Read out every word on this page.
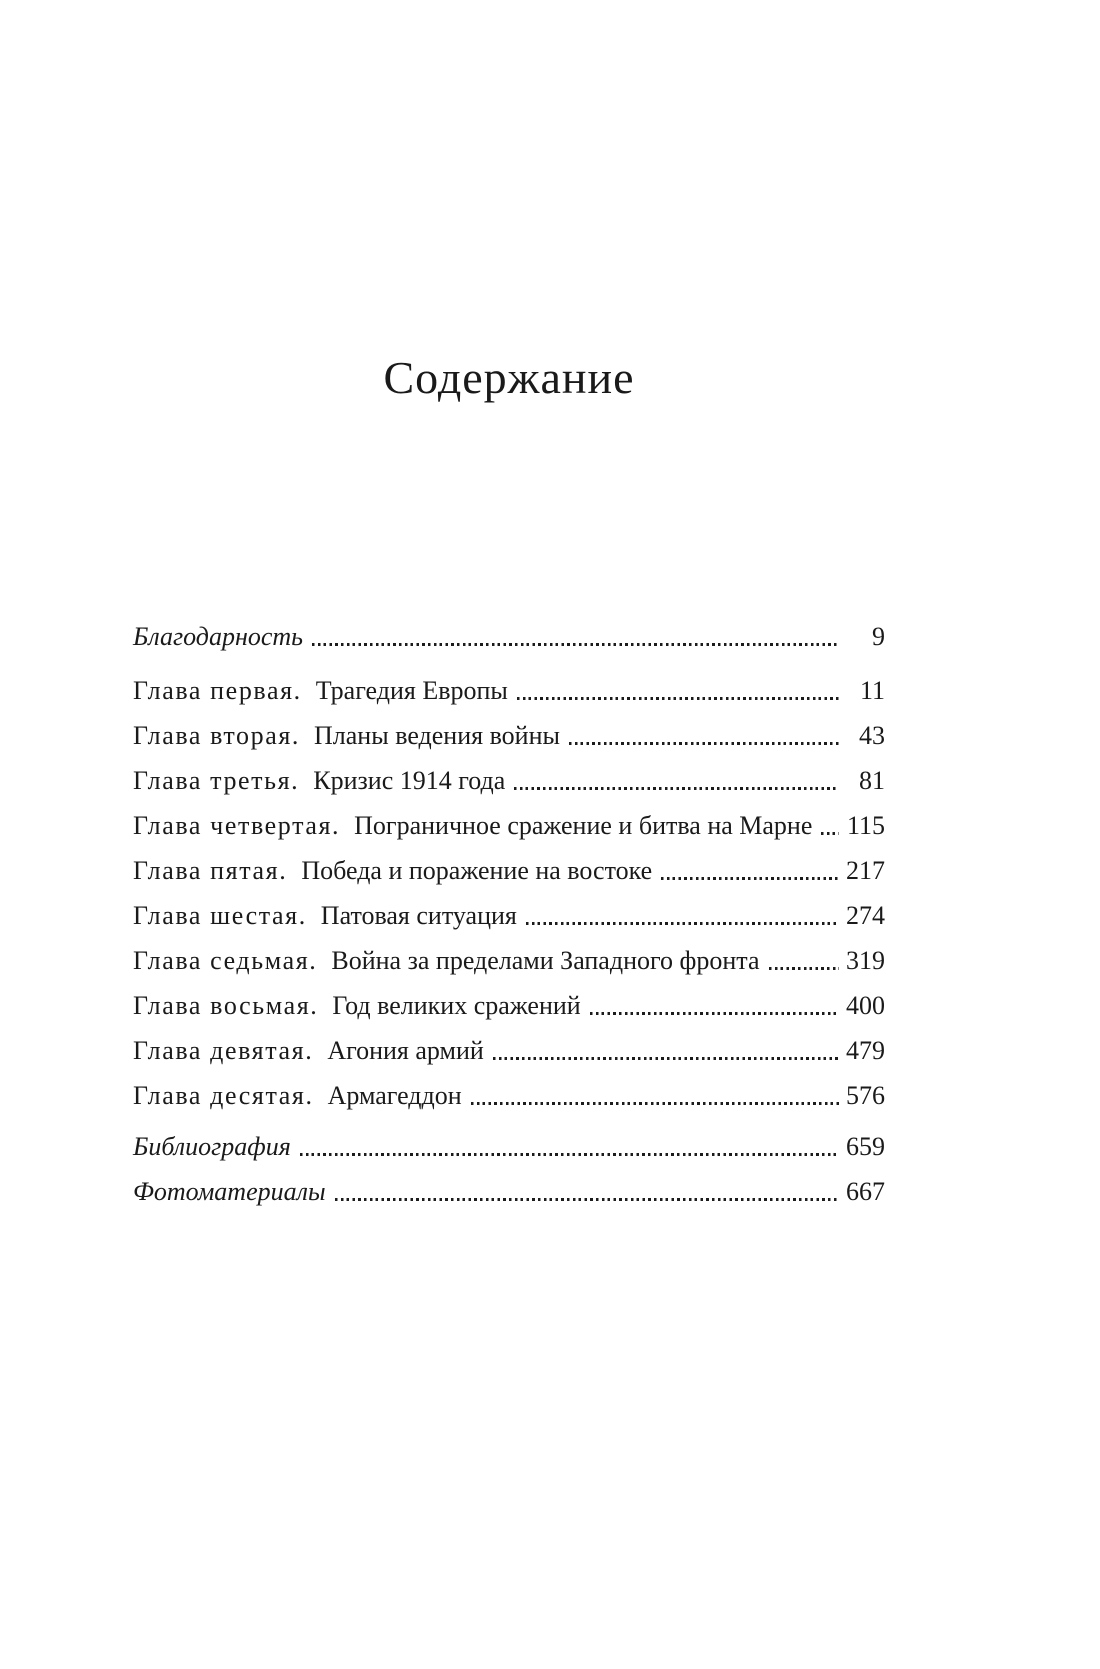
Содержание
Благодарность	9
Глава первая. Трагедия Европы	11
Глава вторая. Планы ведения войны	43
Глава третья. Кризис 1914 года	81
Глава четвертая. Пограничное сражение и битва на Марне 115
Глава пятая. Победа и поражение на востоке	217
Глава шестая. Патовая ситуация	274
Глава седьмая. Война за пределами Западного фронта	319
Глава восьмая. Год великих сражений	400
Глава девятая. Агония армий	479
Глава десятая. Армагеддон	576
Библиография	659
Фотоматериалы	667
